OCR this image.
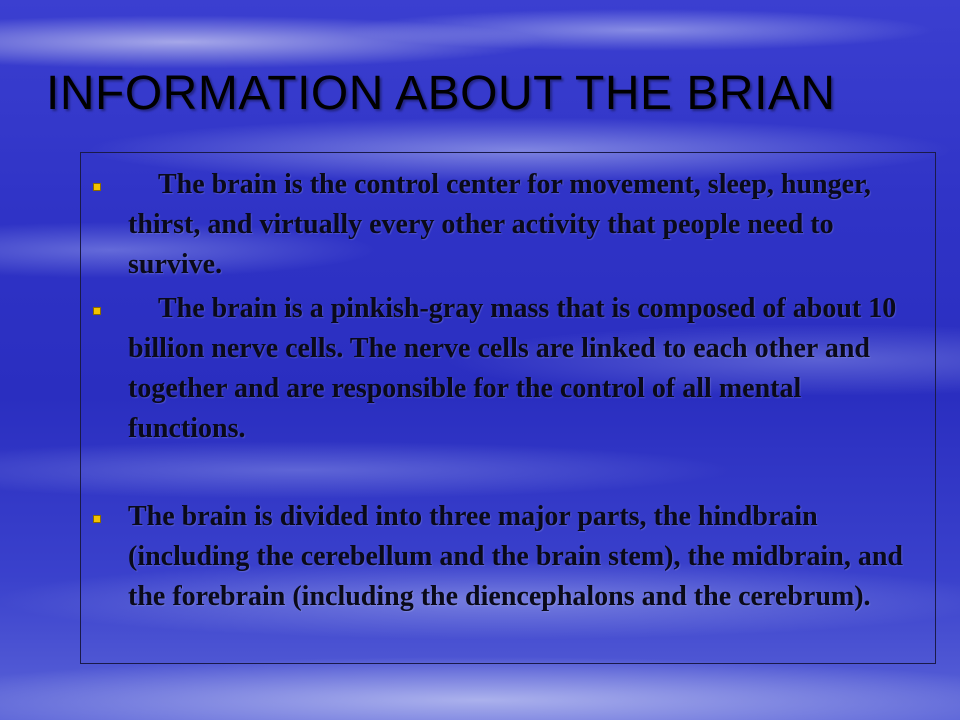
INFORMATION ABOUT THE BRIAN

The brain is the control center for movement, sleep, hunger, thirst, and virtually every other activity that people need to survive.

The brain is a pinkish-gray mass that is composed of about 10 billion nerve cells. The nerve cells are linked to each other and together and are responsible for the control of all mental functions.

The brain is divided into three major parts, the hindbrain (including the cerebellum and the brain stem), the midbrain, and the forebrain (including the diencephalons and the cerebrum).
